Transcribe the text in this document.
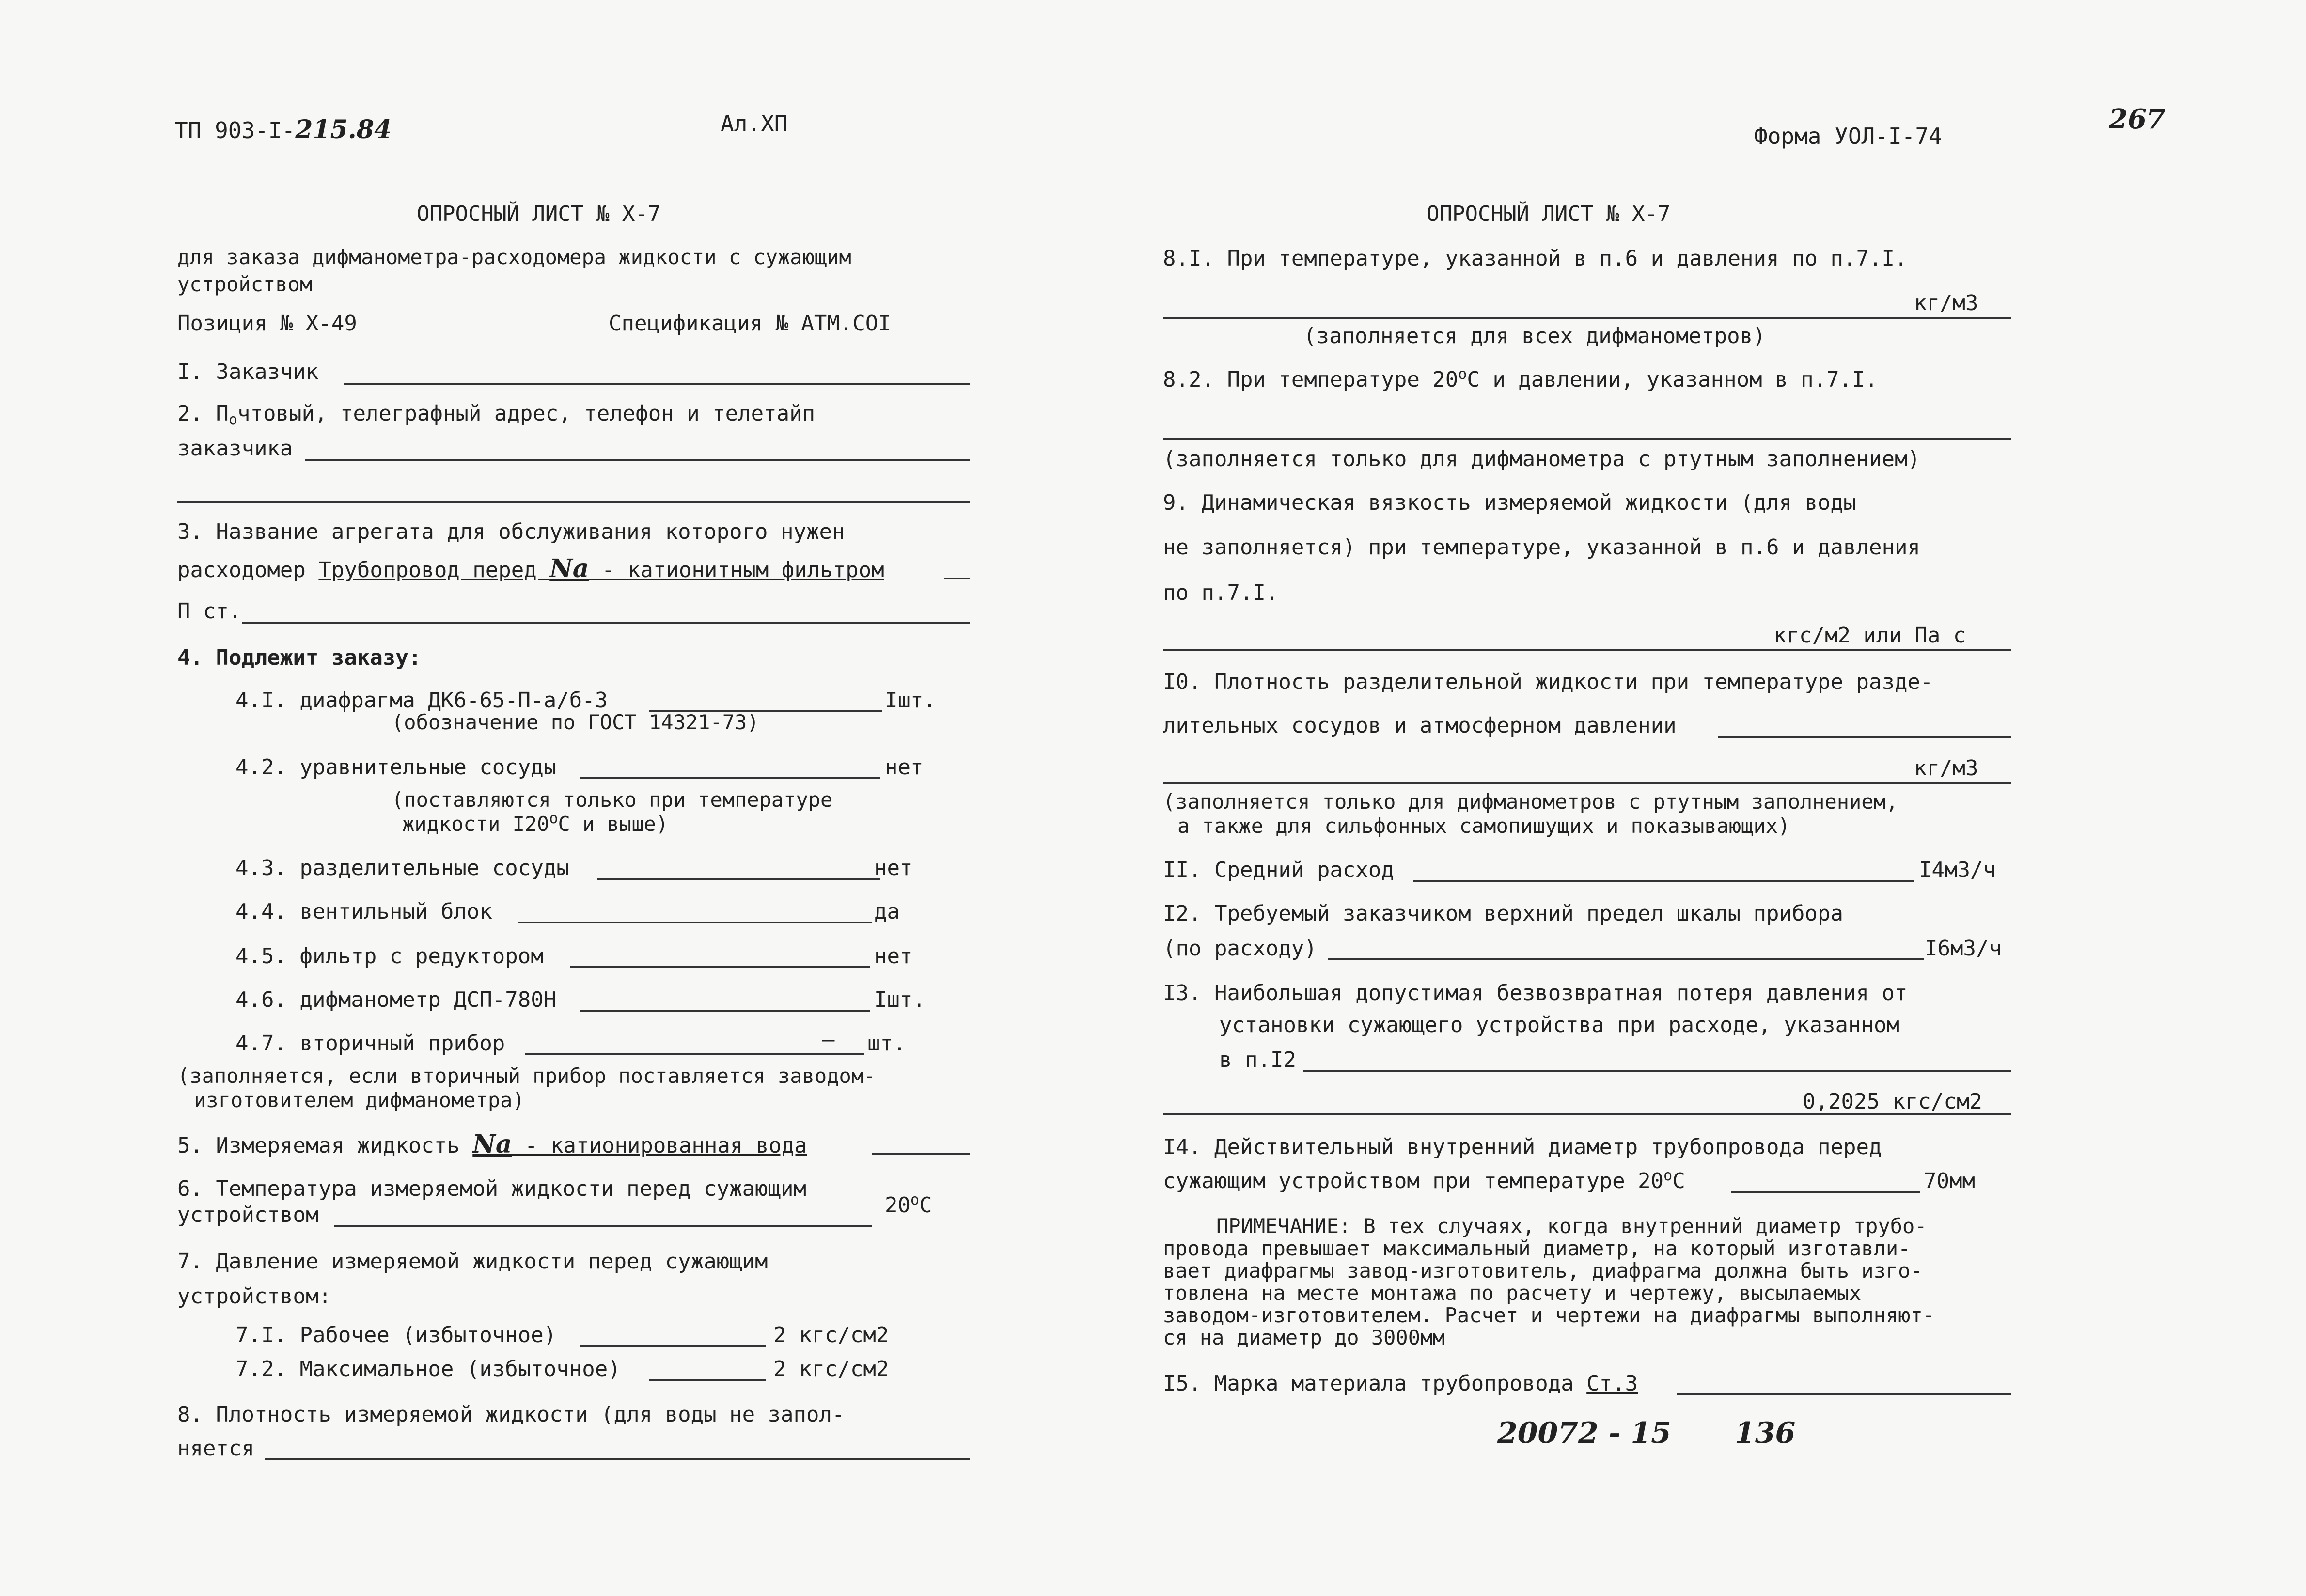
ТП 903-I-215.84	Ал.XП	Форма УОЛ-I-74
267
ОПРОСНЫЙ ЛИСТ № Х-7
для заказа дифманометра-расходомера жидкости с сужающим
устройством
Позиция № Х-49	Спецификация № АТМ.СОI
I. Заказчик
2. Почтовый, телеграфный адрес, телефон и телетайп
заказчика
3. Название агрегата для обслуживания которого нужен
расходомер Трубопровод перед Nа - катионитным фильтром
П ст.
4. Подлежит заказу:
4.I. диафрагма ДК6-65-П-а/б-3	Iшт.
(обозначение по ГОСТ 14321-73)
4.2. уравнительные сосуды	нет
(поставляются только при температуре
жидкости $I20^оС$ и выше)
4.3. разделительные сосуды	нет
4.4. вентильный блок	да
4.5. фильтр с редуктором	нет
4.6. дифманометр ДСП-780Н	Iшт.
4.7. вторичный прибор	— шт.
(заполняется, если вторичный прибор поставляется заводом-
изготовителем дифманометра)
5. Измеряемая жидкость Nа - катионированная вода
6. Температура измеряемой жидкости перед сужающим
устройством	$20^оС$
7. Давление измеряемой жидкости перед сужающим
устройством:
7.I. Рабочее (избыточное)	2 кгс/см2
7.2. Максимальное (избыточное)	2 кгс/см2
8. Плотность измеряемой жидкости (для воды не запол-
няется
ОПРОСНЫЙ ЛИСТ № Х-7
8.I. При температуре, указанной в п.6 и давления по п.7.I.
кг/м3
(заполняется для всех дифманометров)
8.2. При температуре $20^оС$ и давлении, указанном в п.7.I.
(заполняется только для дифманометра с ртутным заполнением)
9. Динамическая вязкость измеряемой жидкости (для воды
не заполняется) при температуре, указанной в п.6 и давления
по п.7.I.
кгс/м2 или Па с
I0. Плотность разделительной жидкости при температуре разде-
лительных сосудов и атмосферном давлении
кг/м3
(заполняется только для дифманометров с ртутным заполнением,
а также для сильфонных самопишущих и показывающих)
II. Средний расход	I4м3/ч
I2. Требуемый заказчиком верхний предел шкалы прибора
(по расходу)	I6м3/ч
I3. Наибольшая допустимая безвозвратная потеря давления от
установки сужающего устройства при расходе, указанном
в п.I2
0,2025 кгс/см2
I4. Действительный внутренний диаметр трубопровода перед
сужающим устройством при температуре $20^оС$	70мм
ПРИМЕЧАНИЕ: В тех случаях, когда внутренний диаметр трубо-
провода превышает максимальный диаметр, на который изготавли-
вает диафрагмы завод-изготовитель, диафрагма должна быть изго-
товлена на месте монтажа по расчету и чертежу, высылаемых
заводом-изготовителем. Расчет и чертежи на диафрагмы выполняют-
ся на диаметр до 3000мм
I5. Марка материала трубопровода Ст.3
20072 - 15 136
